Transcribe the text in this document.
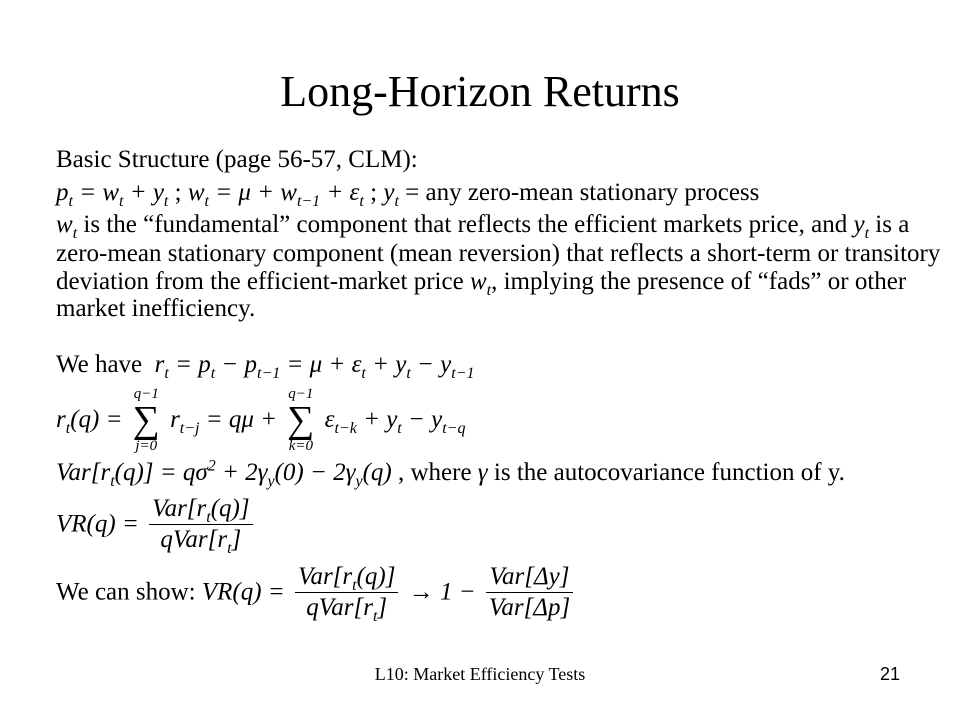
Long-Horizon Returns
Basic Structure (page 56-57, CLM):
$p_t = w_t + y_t$ ; $w_t = \mu + w_{t-1} + \varepsilon_t$ ; $y_t$ = any zero-mean stationary process
$w_t$ is the “fundamental” component that reflects the efficient markets price, and $y_t$ is a
zero-mean stationary component (mean reversion) that reflects a short-term or transitory
deviation from the efficient-market price $w_t$, implying the presence of “fads” or other
market inefficiency.
We have  $r_t = p_t - p_{t-1} = \mu + \varepsilon_t + y_t - y_{t-1}$
$r_t(q)$ =
q−1
∑
j=0
$r_{t-j} = q\mu$ +
q−1
∑
k=0
$\varepsilon_{t-k} + y_t - y_{t-q}$
$Var[r_t(q)] = q\sigma^2 + 2\gamma_y(0) - 2\gamma_y(q)$ , where γ is the autocovariance function of y.
$VR(q) = \frac{Var[r_t(q)]}{qVar[r_t]}$
We can show: $VR(q) = \frac{Var[r_t(q)]}{qVar[r_t]} \to 1 - \frac{\text{Var[Δy]}}{\text{Var[Δp]}}$
L10: Market Efficiency Tests	21
